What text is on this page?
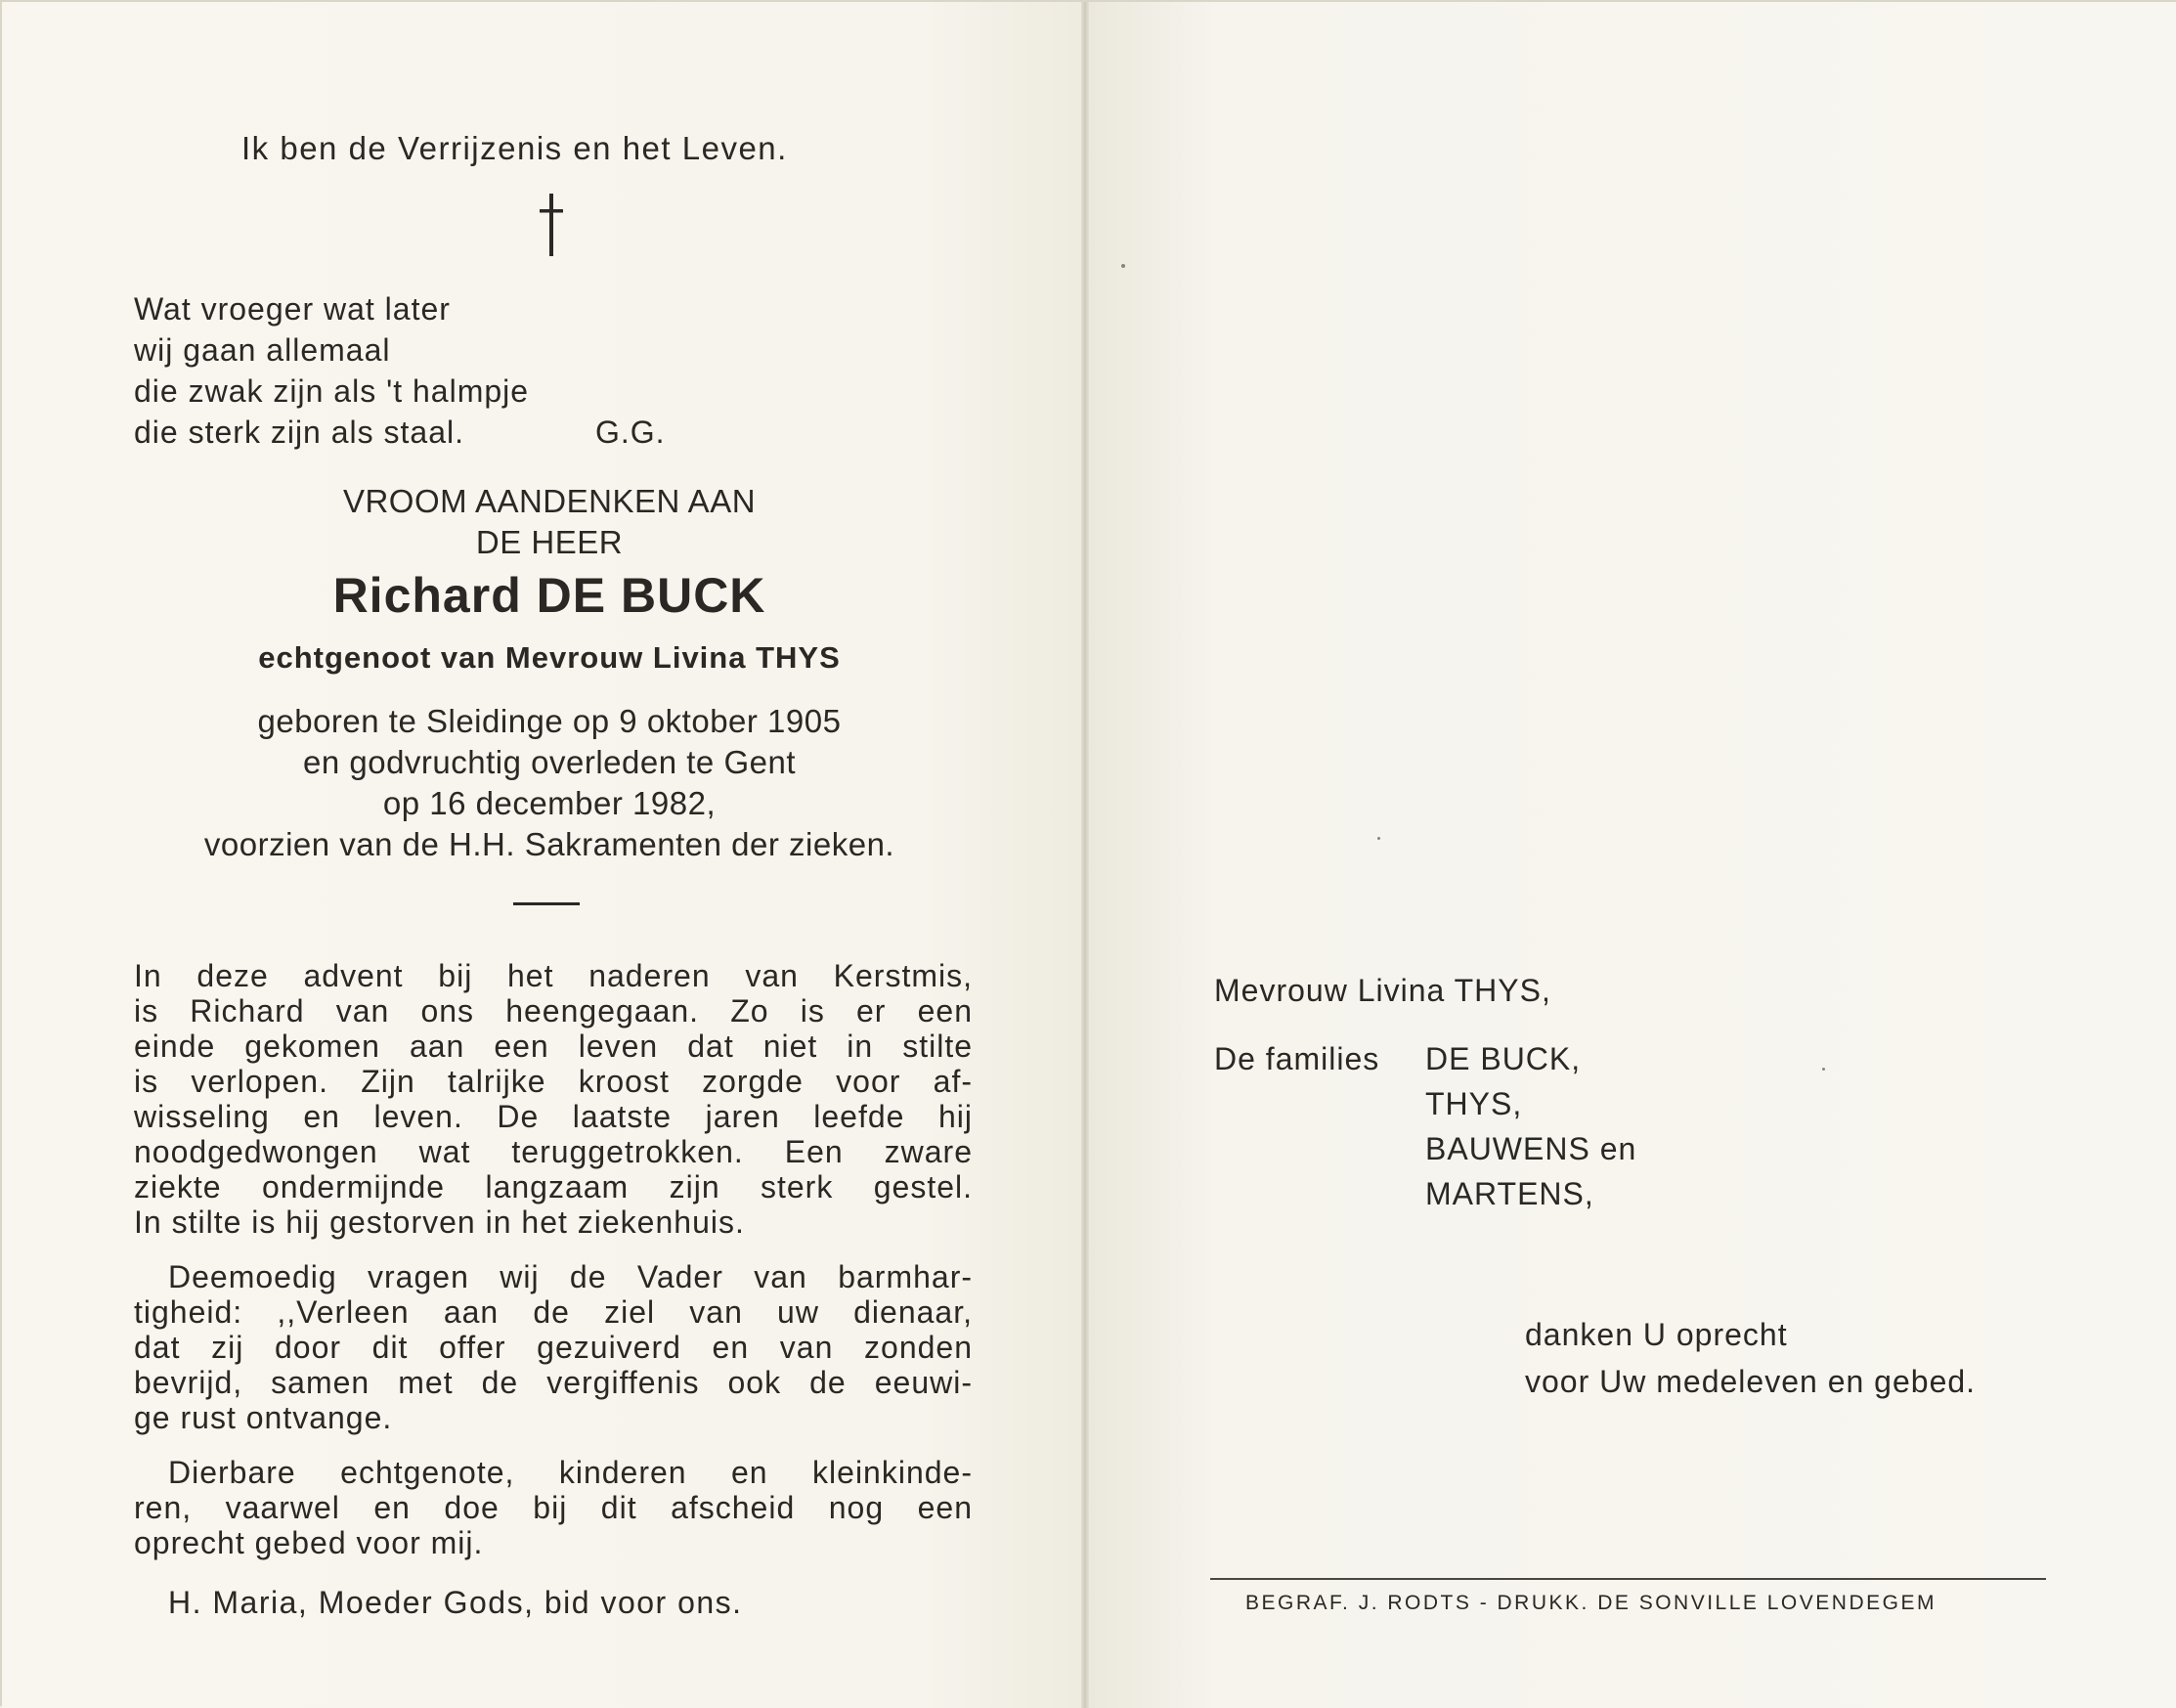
Ik ben de Verrijzenis en het Leven.
Wat vroeger wat later
wij gaan allemaal
die zwak zijn als 't halmpje
die sterk zijn als staal.	G.G.
VROOM AANDENKEN AAN
DE HEER
Richard DE BUCK
echtgenoot van Mevrouw Livina THYS
geboren te Sleidinge op 9 oktober 1905
en godvruchtig overleden te Gent
op 16 december 1982,
voorzien van de H.H. Sakramenten der zieken.
In deze advent bij het naderen van Kerstmis,
is Richard van ons heengegaan. Zo is er een
einde gekomen aan een leven dat niet in stilte
is verlopen. Zijn talrijke kroost zorgde voor af-
wisseling en leven. De laatste jaren leefde hij
noodgedwongen wat teruggetrokken. Een zware
ziekte ondermijnde langzaam zijn sterk gestel.
In stilte is hij gestorven in het ziekenhuis.
Deemoedig vragen wij de Vader van barmhar-
tigheid: ,,Verleen aan de ziel van uw dienaar,
dat zij door dit offer gezuiverd en van zonden
bevrijd, samen met de vergiffenis ook de eeuwi-
ge rust ontvange.
Dierbare echtgenote, kinderen en kleinkinde-
ren, vaarwel en doe bij dit afscheid nog een
oprecht gebed voor mij.
H. Maria, Moeder Gods, bid voor ons.
Mevrouw Livina THYS,
De families DE BUCK,
THYS,
BAUWENS en
MARTENS,
danken U oprecht
voor Uw medeleven en gebed.
BEGRAF. J. RODTS - DRUKK. DE SONVILLE LOVENDEGEM
